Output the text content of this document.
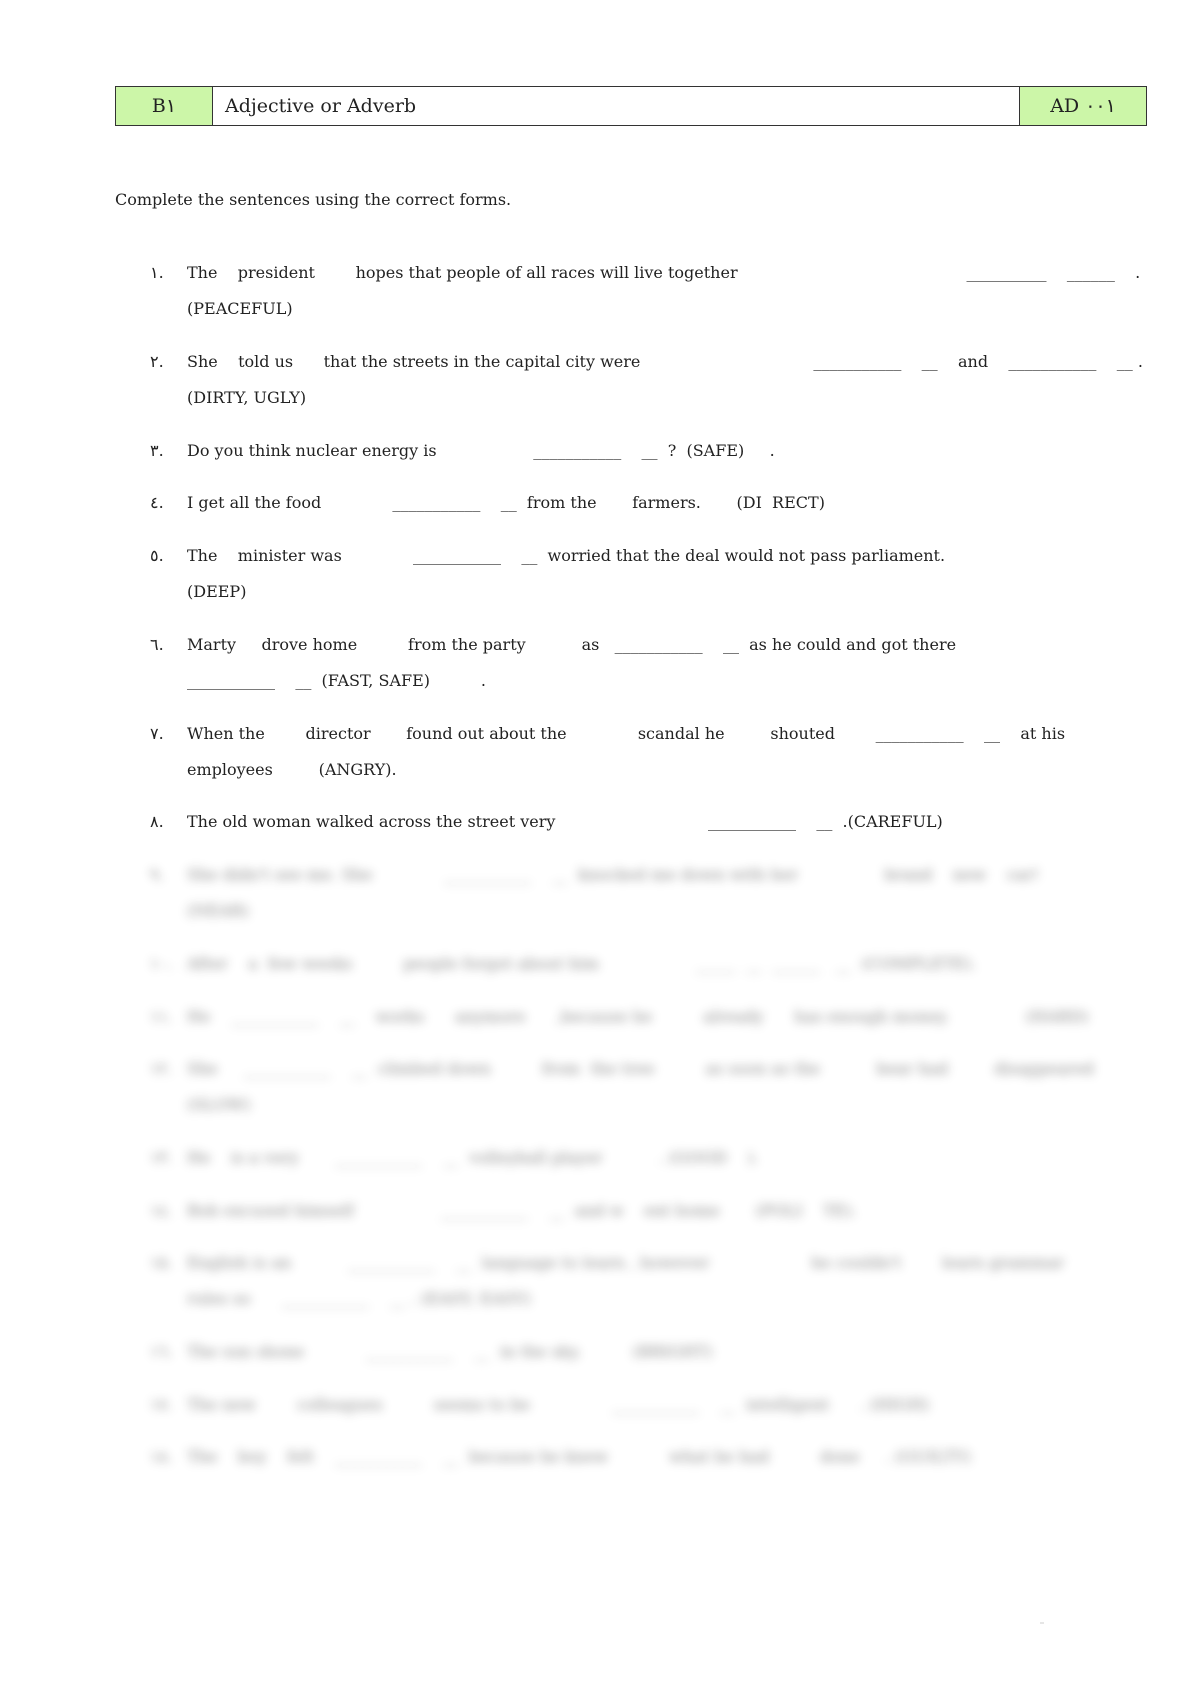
B١	Adjective or Adverb	AD ٠٠١
Complete the sentences using the correct forms.
١. The    president        hopes that people of all races will live together                                             __________    ______    .
(PEACEFUL)
٢. She    told us      that the streets in the capital city were                                  ___________    __    and    ___________    __ .
(DIRTY, UGLY)
٣. Do you think nuclear energy is                   ___________    __  ?  (SAFE)     .
٤. I get all the food              ___________    __  from the       farmers.       (DI  RECT)
٥. The    minister was              ___________    __  worried that the deal would not pass parliament.
(DEEP)
٦. Marty     drove home          from the party           as   ___________    __  as he could and got there
___________    __  (FAST, SAFE)          .
٧. When the        director       found out about the              scandal he         shouted        ___________    __    at his
employees         (ANGRY).
٨. The old woman walked across the street very                              ___________    __  .(CAREFUL)
٩. She didn't see me. She              ___________    __  knocked me down with her                 brand    new    car!
(NEAR)
١٠. After    a  few weeks          people forgot about him                   _____  __  ______   __  (COMPLETE).
١١. He    ___________    __    works      anymore      ,because he          already      has enough money.               (HARD)
١٢. She     ___________    __  climbed down          from  the tree          as soon as the           bear had         disappeared
(SLOW)
١٣. He    is a very       ___________    __  volleyball player           . (GOOD    ).
١٤. Bob excused himself                 ___________    __  and w    ent home       (POLI    TE).
١٥. English is an           ___________    __  language to learn , however                    he couldn't        learn grammar
rules so      ___________    __ . (EASY, EASY)
١٦. The sun shone            ___________    __  in the sky.          (BRIGHT)
١٧. The new        colleagues          seems to be                ___________    __  intelligent      . (HIGH)
١٨. The    boy    felt    ___________    __  because he knew            what he had          done     . (GUILTY)
